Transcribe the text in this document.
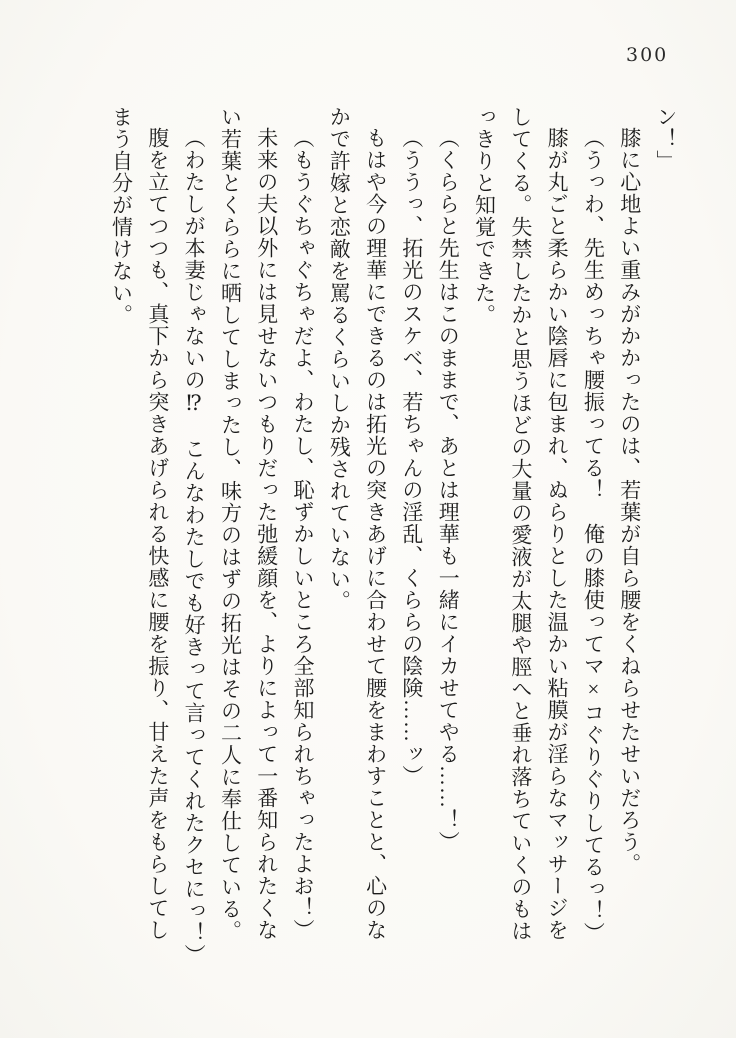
300

ン！」

膝に心地よい重みがかかったのは、若葉が自ら腰をくねらせたせいだろう。

（うっわ、先生めっちゃ腰振ってる！　俺の膝使ってマ×コぐりぐりしてるっ！）

膝が丸ごと柔らかい陰唇に包まれ、ぬらりとした温かい粘膜が淫らなマッサージを

してくる。失禁したかと思うほどの大量の愛液が太腿や脛へと垂れ落ちていくのもは

っきりと知覚できた。

（くららと先生はこのままで、あとは理華も一緒にイカせてやる……！）

（ううっ、拓光のスケベ、若ちゃんの淫乱、くららの陰険……ッ）

もはや今の理華にできるのは拓光の突きあげに合わせて腰をまわすことと、心のな

かで許嫁と恋敵を罵るくらいしか残されていない。

（もうぐちゃぐちゃだよ、わたし、恥ずかしいところ全部知られちゃったよお！）

未来の夫以外には見せないつもりだった弛緩顔を、よりによって一番知られたくな

い若葉とくららに晒してしまったし、味方のはずの拓光はその二人に奉仕している。

（わたしが本妻じゃないの⁉　こんなわたしでも好きって言ってくれたクセにっ！）

腹を立てつつも、真下から突きあげられる快感に腰を振り、甘えた声をもらしてし

まう自分が情けない。
